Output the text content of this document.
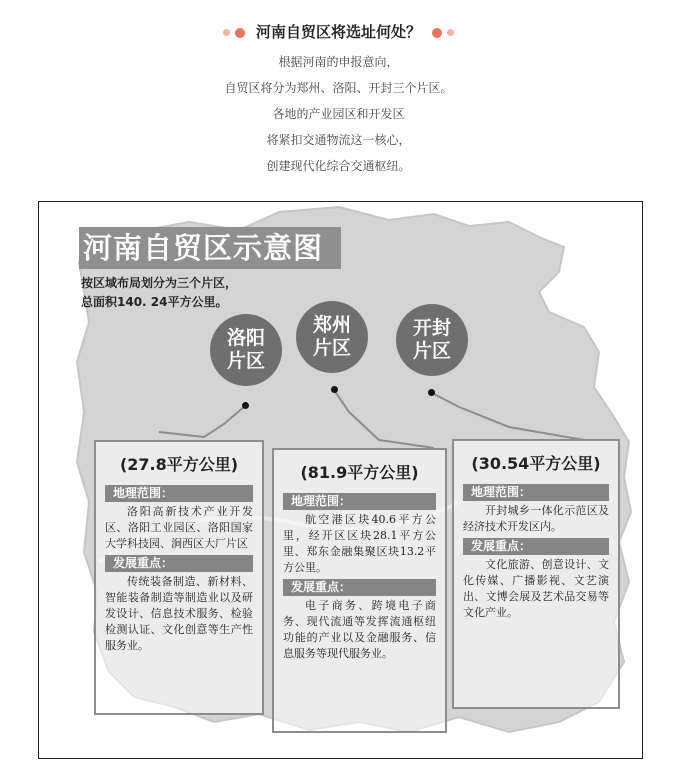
河南自贸区将选址何处？
根据河南的申报意向，
自贸区将分为郑州、洛阳、开封三个片区。
各地的产业园区和开发区
将紧扣交通物流这一核心，
创建现代化综合交通枢纽。
河南自贸区示意图
按区域布局划分为三个片区，
总面积140. 24平方公里。
洛阳
片区
郑州
片区
开封
片区
(27.8平方公里)
地理范围：
洛阳高新技术产业开发区、洛阳工业园区、洛阳国家大学科技园、涧西区大厂片区
发展重点：
传统装备制造、新材料、智能装备制造等制造业以及研发设计、信息技术服务、检验检测认证、文化创意等生产性服务业。
(81.9平方公里)
地理范围：
航空港区块40.6平方公里，经开区区块28.1平方公里、郑东金融集聚区块13.2平方公里。
发展重点：
电子商务、跨境电子商务、现代流通等发挥流通枢纽功能的产业以及金融服务、信息服务等现代服务业。
(30.54平方公里)
地理范围：
开封城乡一体化示范区及经济技术开发区内。
发展重点：
文化旅游、创意设计、文化传媒、广播影视、文艺演出、文博会展及艺术品交易等文化产业。
